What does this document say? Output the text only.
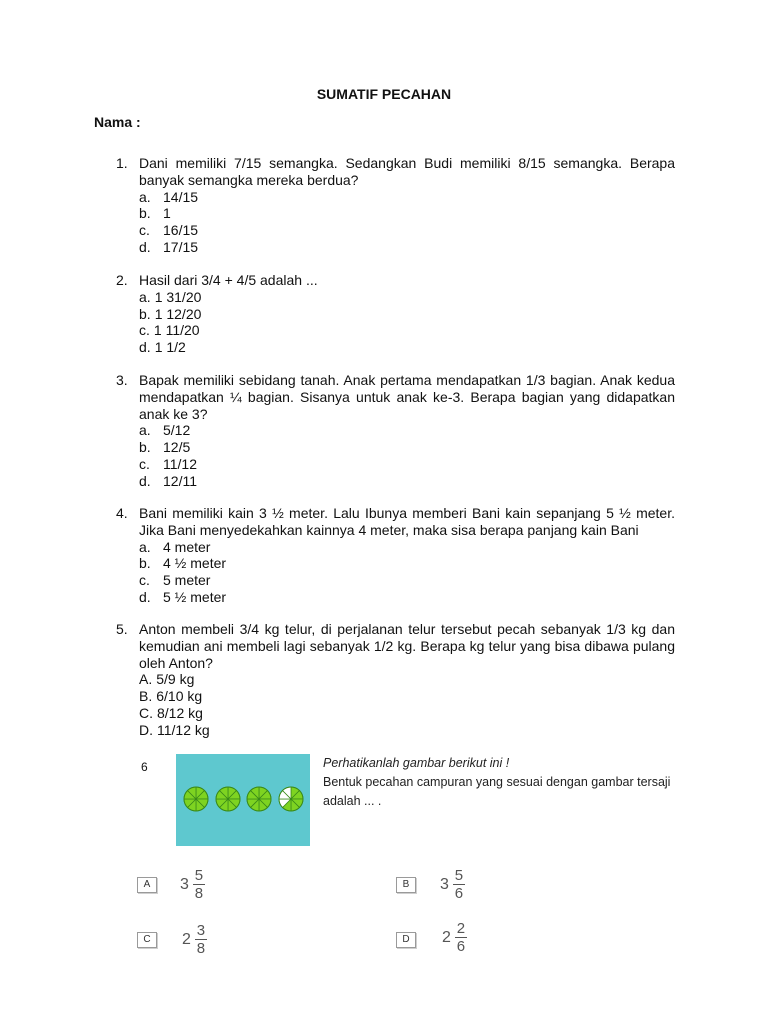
SUMATIF PECAHAN
Nama :
1. Dani memiliki 7/15 semangka. Sedangkan Budi memiliki 8/15 semangka. Berapa banyak semangka mereka berdua?
a. 14/15
b. 1
c. 16/15
d. 17/15
2. Hasil dari 3/4 + 4/5 adalah ...
a. 1 31/20
b. 1 12/20
c. 1 11/20
d. 1 1/2
3. Bapak memiliki sebidang tanah. Anak pertama mendapatkan 1/3 bagian. Anak kedua mendapatkan ¼ bagian. Sisanya untuk anak ke-3. Berapa bagian yang didapatkan anak ke 3?
a. 5/12
b. 12/5
c. 11/12
d. 12/11
4. Bani memiliki kain 3 ½ meter. Lalu Ibunya memberi Bani kain sepanjang 5 ½ meter. Jika Bani menyedekahkan kainnya 4 meter, maka sisa berapa panjang kain Bani
a. 4 meter
b. 4 ½ meter
c. 5 meter
d. 5 ½ meter
5. Anton membeli 3/4 kg telur, di perjalanan telur tersebut pecah sebanyak 1/3 kg dan kemudian ani membeli lagi sebanyak 1/2 kg. Berapa kg telur yang bisa dibawa pulang oleh Anton?
A. 5/9 kg
B. 6/10 kg
C. 8/12 kg
D. 11/12 kg
6	Perhatikanlah gambar berikut ini !
Bentuk pecahan campuran yang sesuai dengan gambar tersaji adalah ... .
A	$3 \frac{5}{8}$	B	$3 \frac{5}{6}$
C	$2 \frac{3}{8}$	D	$2 \frac{2}{6}$
